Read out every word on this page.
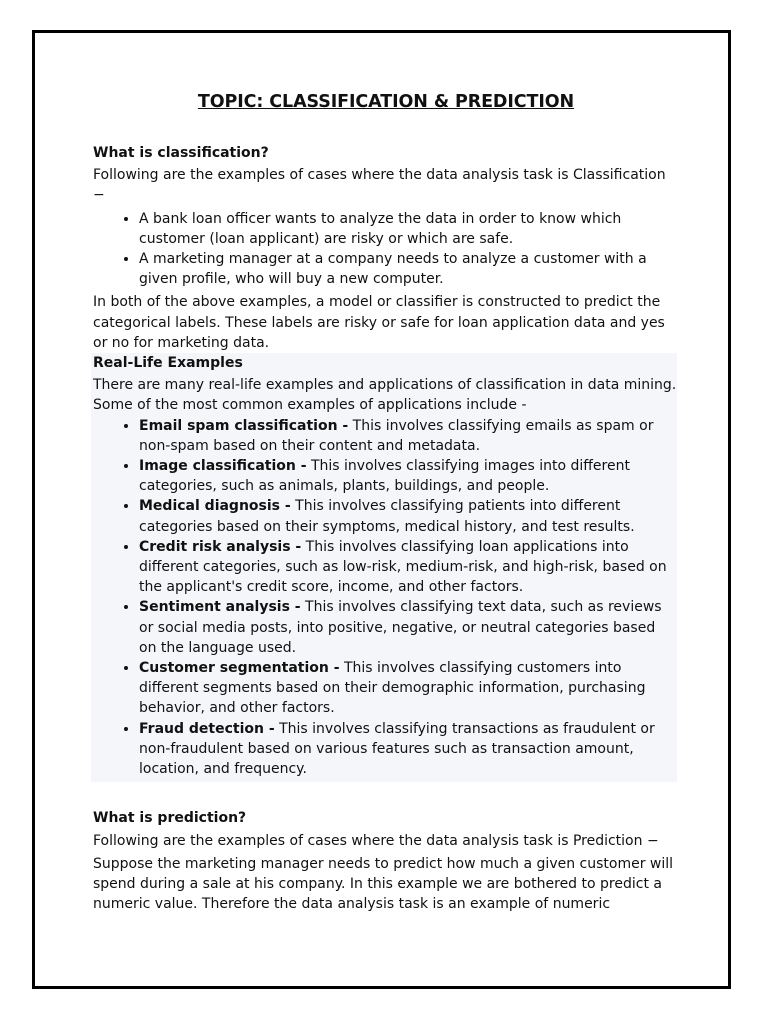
TOPIC: CLASSIFICATION & PREDICTION
What is classification?

Following are the examples of cases where the data analysis task is Classification −

• A bank loan officer wants to analyze the data in order to know which customer (loan applicant) are risky or which are safe.
• A marketing manager at a company needs to analyze a customer with a given profile, who will buy a new computer.

In both of the above examples, a model or classifier is constructed to predict the categorical labels. These labels are risky or safe for loan application data and yes or no for marketing data.

Real-Life Examples

There are many real-life examples and applications of classification in data mining. Some of the most common examples of applications include -

• Email spam classification - This involves classifying emails as spam or non-spam based on their content and metadata.
• Image classification - This involves classifying images into different categories, such as animals, plants, buildings, and people.
• Medical diagnosis - This involves classifying patients into different categories based on their symptoms, medical history, and test results.
• Credit risk analysis - This involves classifying loan applications into different categories, such as low-risk, medium-risk, and high-risk, based on the applicant's credit score, income, and other factors.
• Sentiment analysis - This involves classifying text data, such as reviews or social media posts, into positive, negative, or neutral categories based on the language used.
• Customer segmentation - This involves classifying customers into different segments based on their demographic information, purchasing behavior, and other factors.
• Fraud detection - This involves classifying transactions as fraudulent or non-fraudulent based on various features such as transaction amount, location, and frequency.
What is prediction?

Following are the examples of cases where the data analysis task is Prediction −

Suppose the marketing manager needs to predict how much a given customer will spend during a sale at his company. In this example we are bothered to predict a numeric value. Therefore the data analysis task is an example of numeric
